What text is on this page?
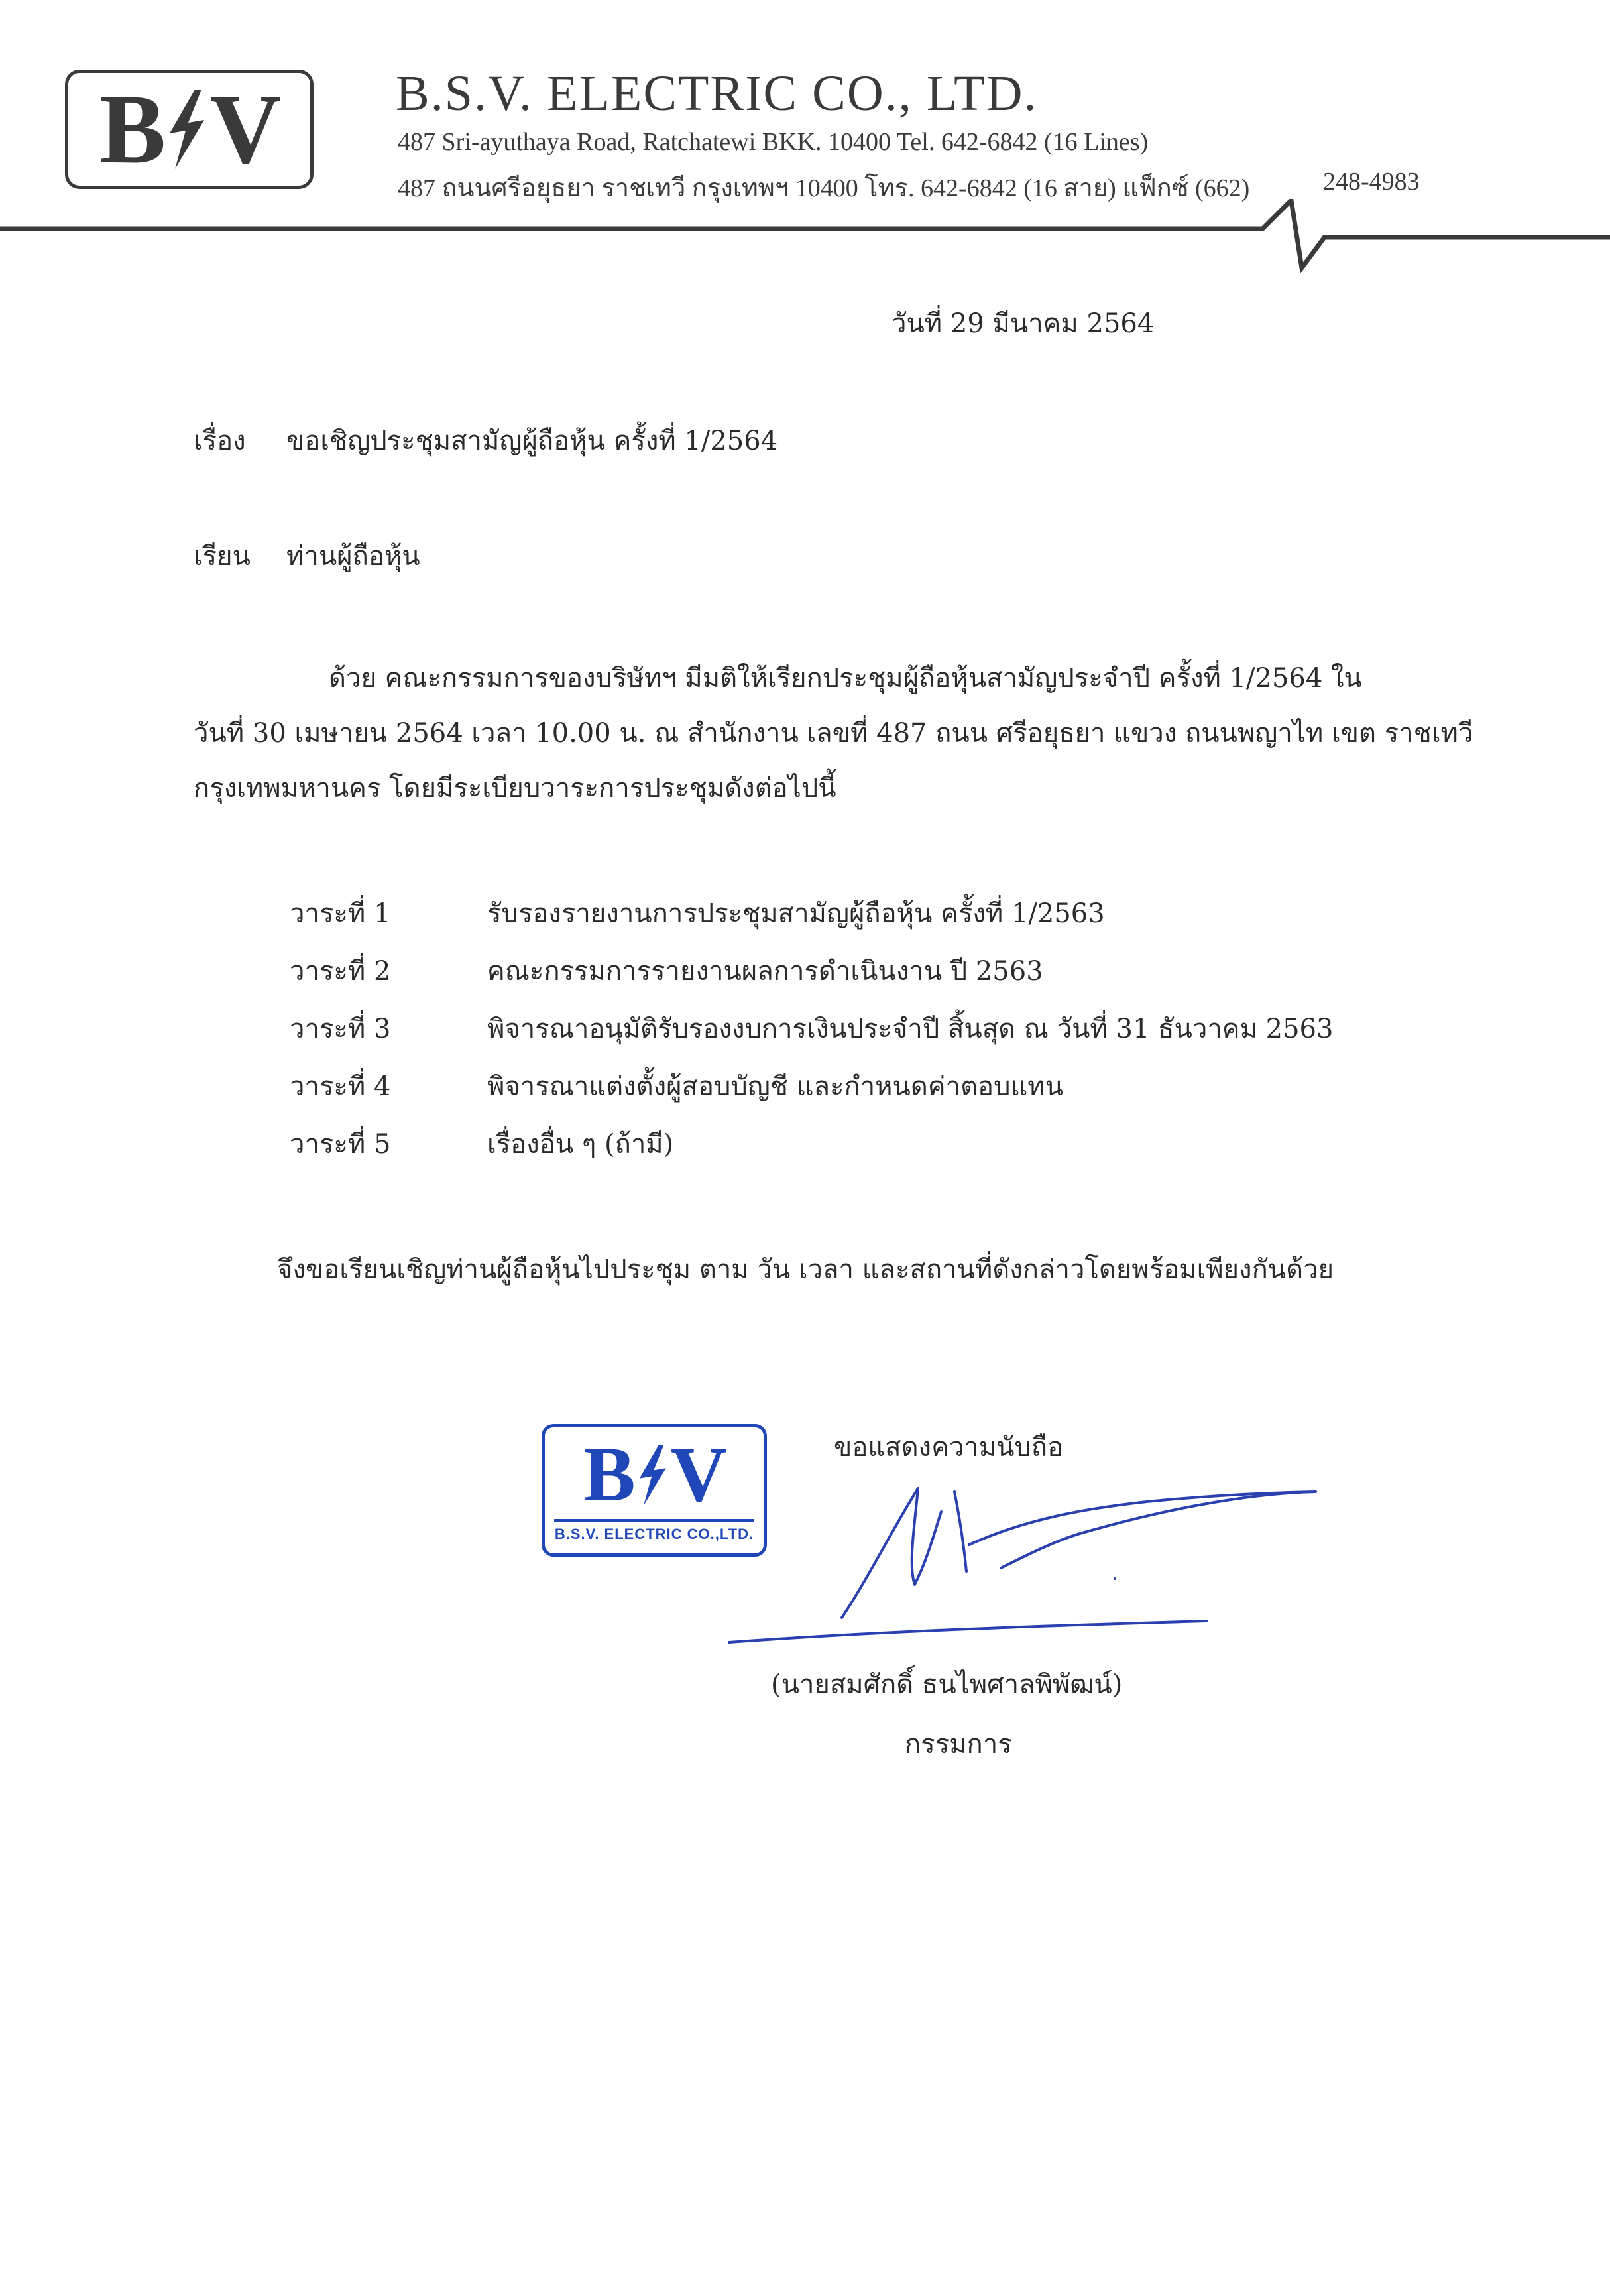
B V B.S.V. ELECTRIC CO., LTD.
487 Sri-ayuthaya Road, Ratchatewi BKK. 10400 Tel. 642-6842 (16 Lines)
487 ถนนศรีอยุธยา ราชเทวี กรุงเทพฯ 10400 โทร. 642-6842 (16 สาย) แฟ็กซ์ (662)	248-4983
วันที่ 29 มีนาคม 2564
เรื่อง ขอเชิญประชุมสามัญผู้ถือหุ้น ครั้งที่ 1/2564
เรียน ท่านผู้ถือหุ้น
ด้วย คณะกรรมการของบริษัทฯ มีมติให้เรียกประชุมผู้ถือหุ้นสามัญประจำปี ครั้งที่ 1/2564 ใน
วันที่ 30 เมษายน 2564 เวลา 10.00 น. ณ สำนักงาน เลขที่ 487 ถนน ศรีอยุธยา แขวง ถนนพญาไท เขต ราชเทวี
กรุงเทพมหานคร โดยมีระเบียบวาระการประชุมดังต่อไปนี้
วาระที่ 1	รับรองรายงานการประชุมสามัญผู้ถือหุ้น ครั้งที่ 1/2563
วาระที่ 2	คณะกรรมการรายงานผลการดำเนินงาน ปี 2563
วาระที่ 3	พิจารณาอนุมัติรับรองงบการเงินประจำปี สิ้นสุด ณ วันที่ 31 ธันวาคม 2563
วาระที่ 4	พิจารณาแต่งตั้งผู้สอบบัญชี และกำหนดค่าตอบแทน
วาระที่ 5	เรื่องอื่น ๆ (ถ้ามี)
จึงขอเรียนเชิญท่านผู้ถือหุ้นไปประชุม ตาม วัน เวลา และสถานที่ดังกล่าวโดยพร้อมเพียงกันด้วย
B V
B.S.V. ELECTRIC CO.,LTD.
ขอแสดงความนับถือ
(นายสมศักดิ์ ธนไพศาลพิพัฒน์)
กรรมการ
